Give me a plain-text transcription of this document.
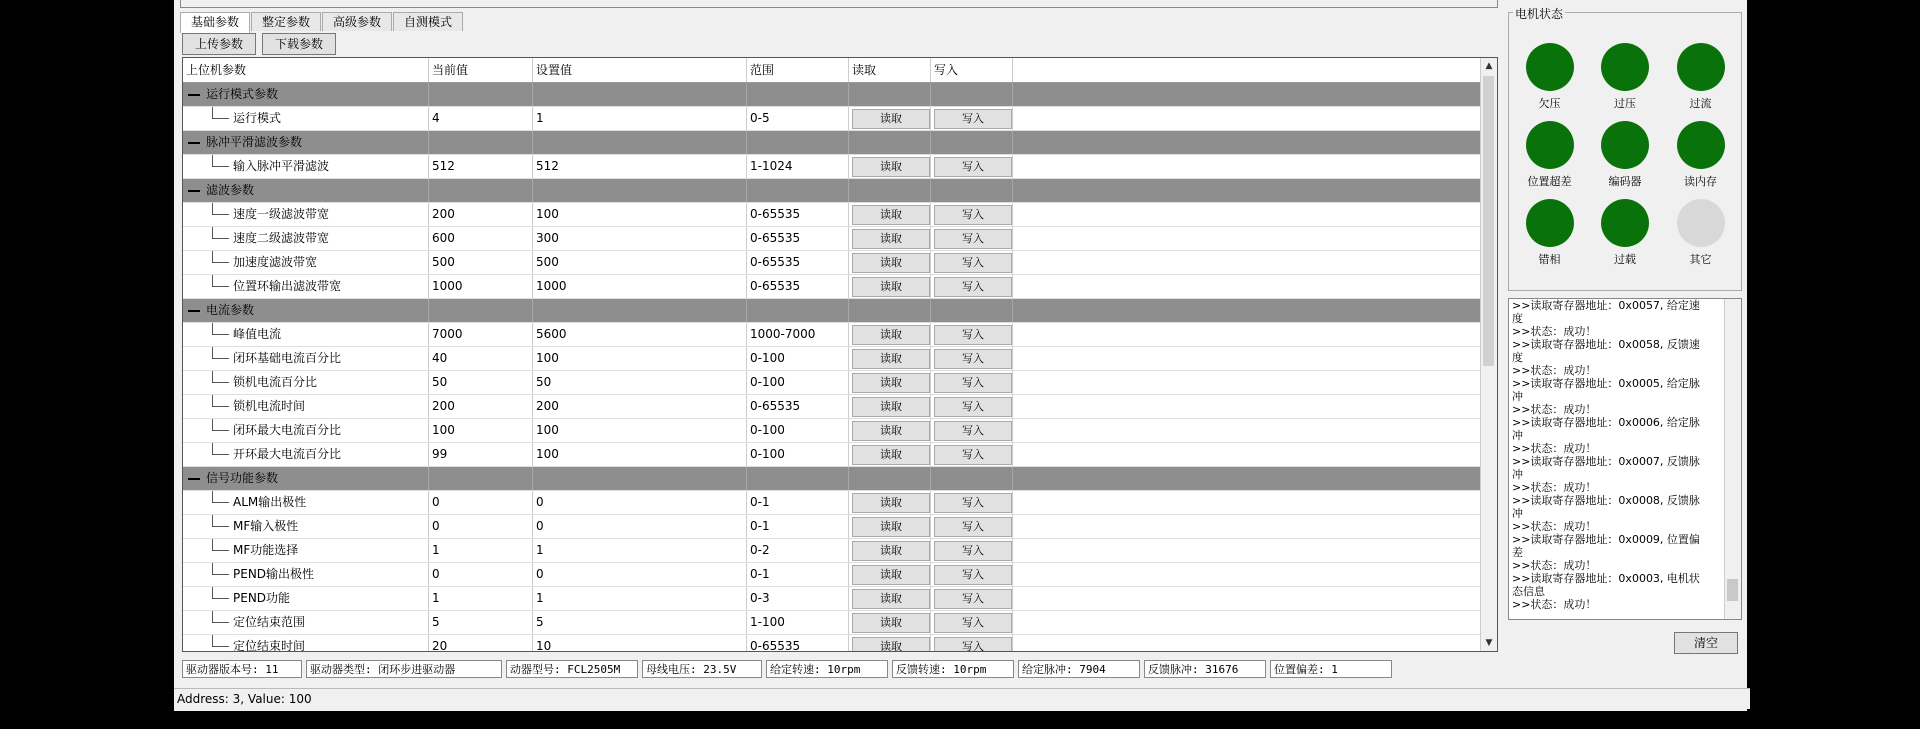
基础参数	整定参数	高级参数	自测模式
上传参数	下载参数
上位机参数	当前值	设置值	范围	读取	写入
运行模式参数
运行模式	4	1	0-5	读取	写入
脉冲平滑滤波参数
输入脉冲平滑滤波	512	512	1-1024	读取	写入
滤波参数
速度一级滤波带宽	200	100	0-65535	读取	写入
速度二级滤波带宽	600	300	0-65535	读取	写入
加速度滤波带宽	500	500	0-65535	读取	写入
位置环输出滤波带宽	1000	1000	0-65535	读取	写入
电流参数
峰值电流	7000	5600	1000-7000	读取	写入
闭环基础电流百分比	40	100	0-100	读取	写入
锁机电流百分比	50	50	0-100	读取	写入
锁机电流时间	200	200	0-65535	读取	写入
闭环最大电流百分比	100	100	0-100	读取	写入
开环最大电流百分比	99	100	0-100	读取	写入
信号功能参数
ALM输出极性	0	0	0-1	读取	写入
MF输入极性	0	0	0-1	读取	写入
MF功能选择	1	1	0-2	读取	写入
PEND输出极性	0	0	0-1	读取	写入
PEND功能	1	1	0-3	读取	写入
定位结束范围	5	5	1-100	读取	写入
定位结束时间	20	10	0-65535	读取	写入
▲
▼
驱动器版本号: 11	驱动器类型: 闭环步进驱动器	动器型号: FCL2505M	母线电压: 23.5V	给定转速: 10rpm	反馈转速: 10rpm	给定脉冲: 7904	反馈脉冲: 31676	位置偏差: 1
Address: 3, Value: 100
电机状态
欠压	过压	过流
位置超差	编码器	读内存
错相	过载	其它
>>读取寄存器地址：0x0057, 给定速
度
>>状态：成功！
>>读取寄存器地址：0x0058, 反馈速
度
>>状态：成功！
>>读取寄存器地址：0x0005, 给定脉
冲
>>状态：成功！
>>读取寄存器地址：0x0006, 给定脉
冲
>>状态：成功！
>>读取寄存器地址：0x0007, 反馈脉
冲
>>状态：成功！
>>读取寄存器地址：0x0008, 反馈脉
冲
>>状态：成功！
>>读取寄存器地址：0x0009, 位置偏
差
>>状态：成功！
>>读取寄存器地址：0x0003, 电机状
态信息
>>状态：成功！
清空
